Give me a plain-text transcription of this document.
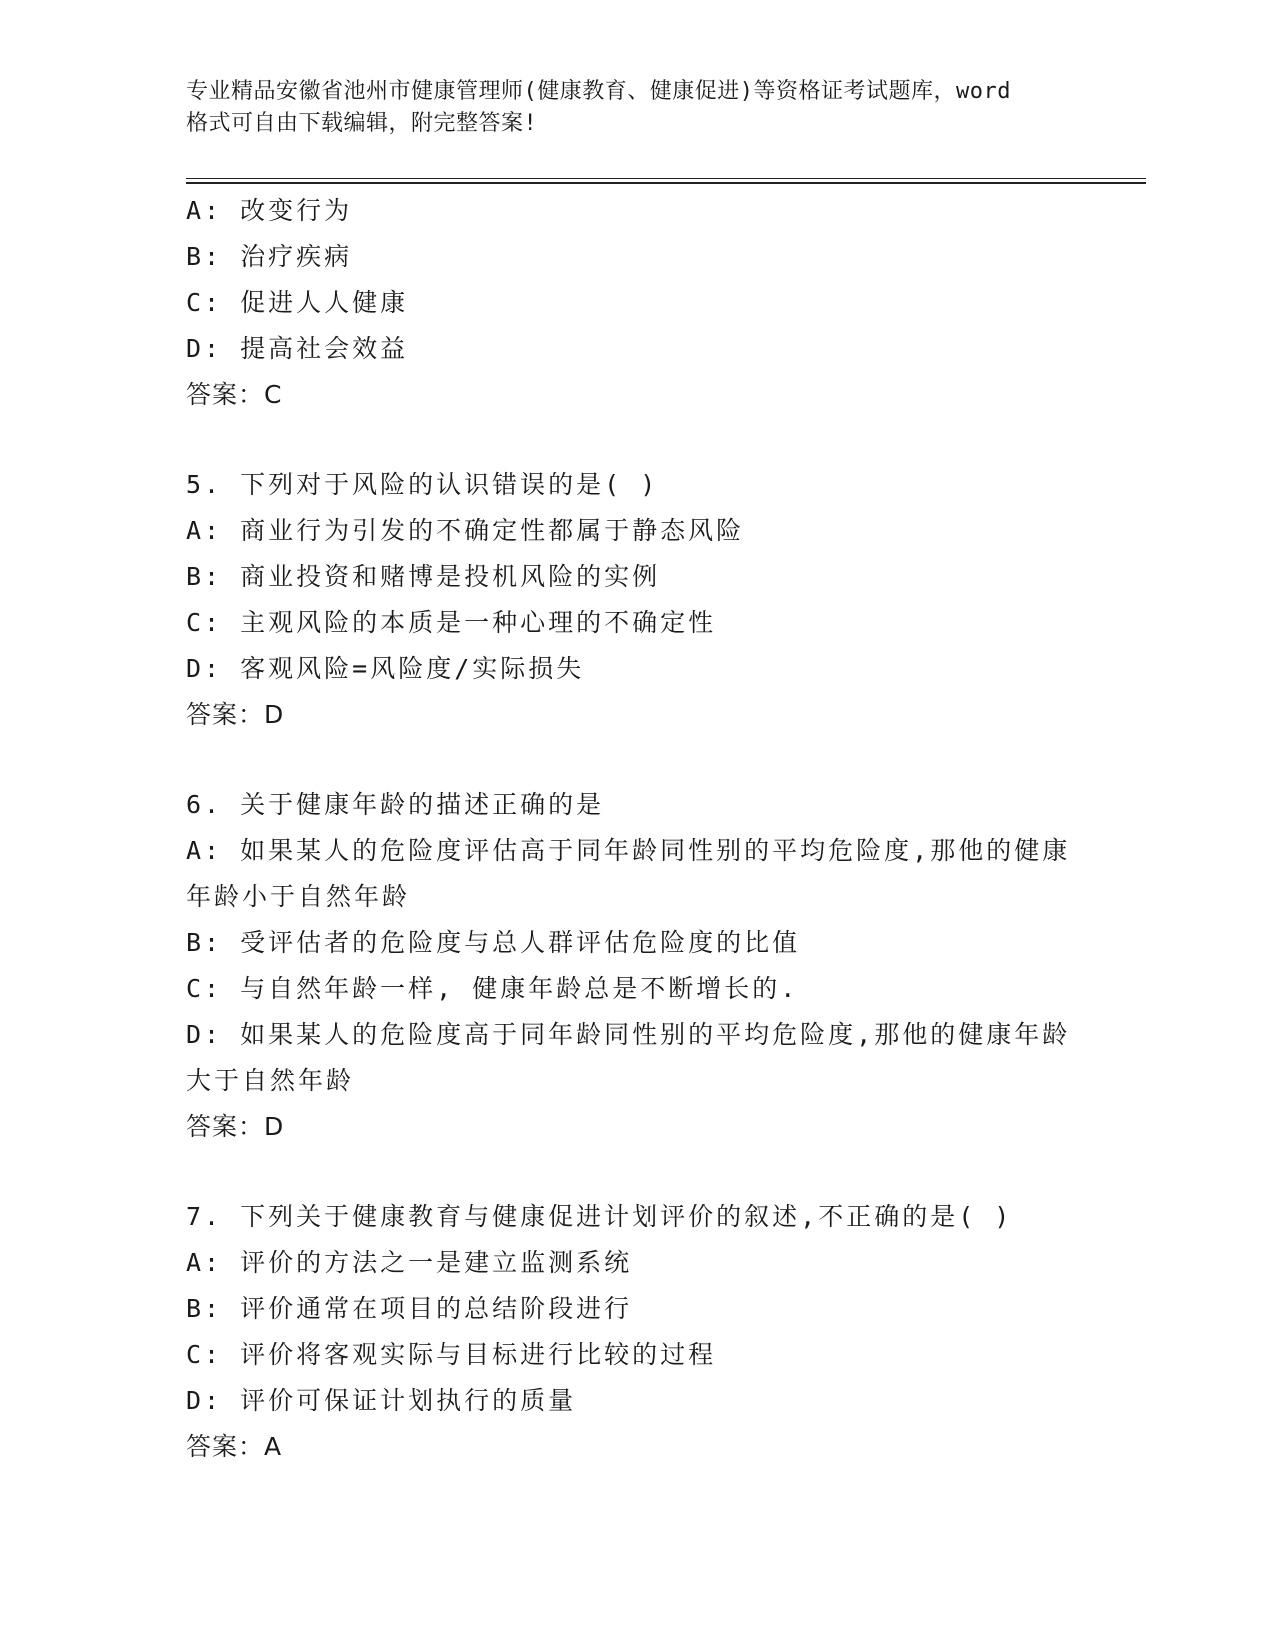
专业精品安徽省池州市健康管理师(健康教育、健康促进)等资格证考试题库，word
格式可自由下载编辑，附完整答案!
A: 改变行为
B: 治疗疾病
C: 促进人人健康
D: 提高社会效益
答案：C
5. 下列对于风险的认识错误的是( )
A: 商业行为引发的不确定性都属于静态风险
B: 商业投资和赌博是投机风险的实例
C: 主观风险的本质是一种心理的不确定性
D: 客观风险=风险度/实际损失
答案：D
6. 关于健康年龄的描述正确的是
A: 如果某人的危险度评估高于同年龄同性别的平均危险度,那他的健康年龄小于自然年龄
B: 受评估者的危险度与总人群评估危险度的比值
C: 与自然年龄一样, 健康年龄总是不断增长的.
D: 如果某人的危险度高于同年龄同性别的平均危险度,那他的健康年龄大于自然年龄
答案：D
7. 下列关于健康教育与健康促进计划评价的叙述,不正确的是( )
A: 评价的方法之一是建立监测系统
B: 评价通常在项目的总结阶段进行
C: 评价将客观实际与目标进行比较的过程
D: 评价可保证计划执行的质量
答案：A
